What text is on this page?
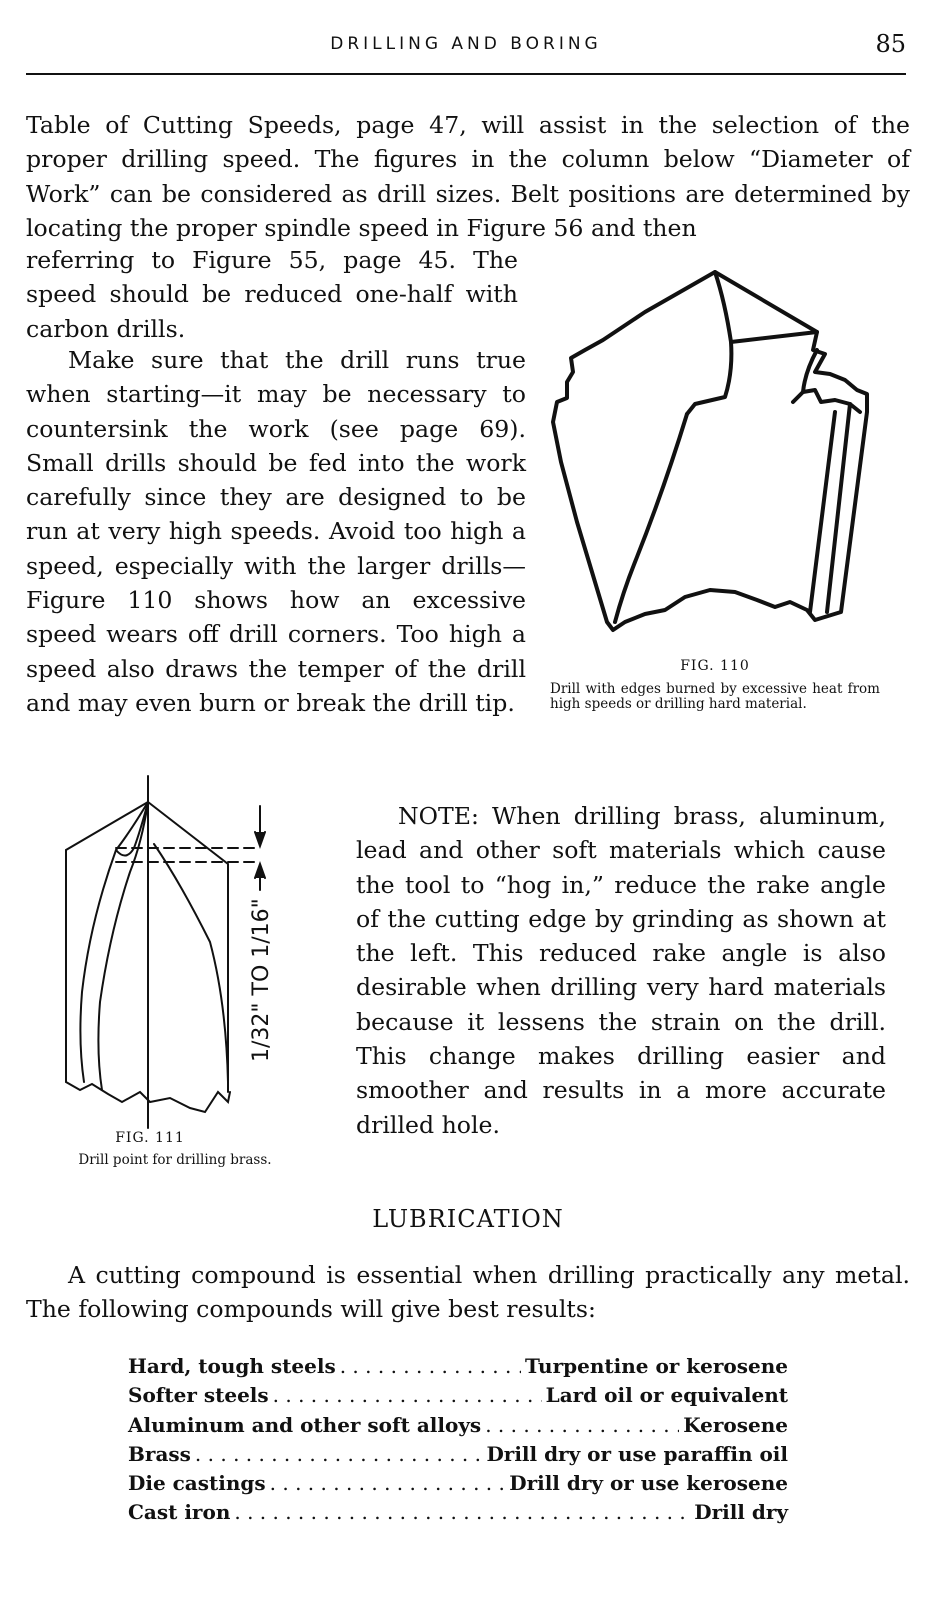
DRILLING AND BORING	85

Table of Cutting Speeds, page 47, will assist in the selection of the proper drilling speed. The figures in the column below “Diameter of Work” can be considered as drill sizes. Belt positions are determined by locating the proper spindle speed in Figure 56 and then

Make sure that the drill runs true when starting—it may be necessary to countersink the work (see page 69). Small drills should be fed into the work carefully since they are designed to be run at very high speeds. Avoid too high a speed, especially with the larger drills—Figure 110 shows how an excessive speed wears off drill corners. Too high a speed also draws the temper of the drill and may even burn or break the drill tip.

FIG. 110
Drill with edges burned by excessive heat from high speeds or drilling hard material.
1/32" TO 1/16"
FIG. 111
Drill point for drilling brass.

NOTE: When drilling brass, aluminum, lead and other soft materials which cause the tool to “hog in,” reduce the rake angle of the cutting edge by grinding as shown at the left. This reduced rake angle is also desirable when drilling very hard materials because it lessens the strain on the drill. This change makes drilling easier and smoother and results in a more accurate drilled hole.

LUBRICATION

A cutting compound is essential when drilling practically any metal. The following compounds will give best results:

Hard, tough steels . . .	Turpentine or kerosene
Softer steels . . .	Lard oil or equivalent
Aluminum and other soft alloys . . .	Kerosene
Brass . . .	Drill dry or use paraffin oil
Die castings . . .	Drill dry or use kerosene
Cast iron . . .	Drill dry

referring to Figure 55, page 45. The speed should be reduced one-half with carbon drills.
